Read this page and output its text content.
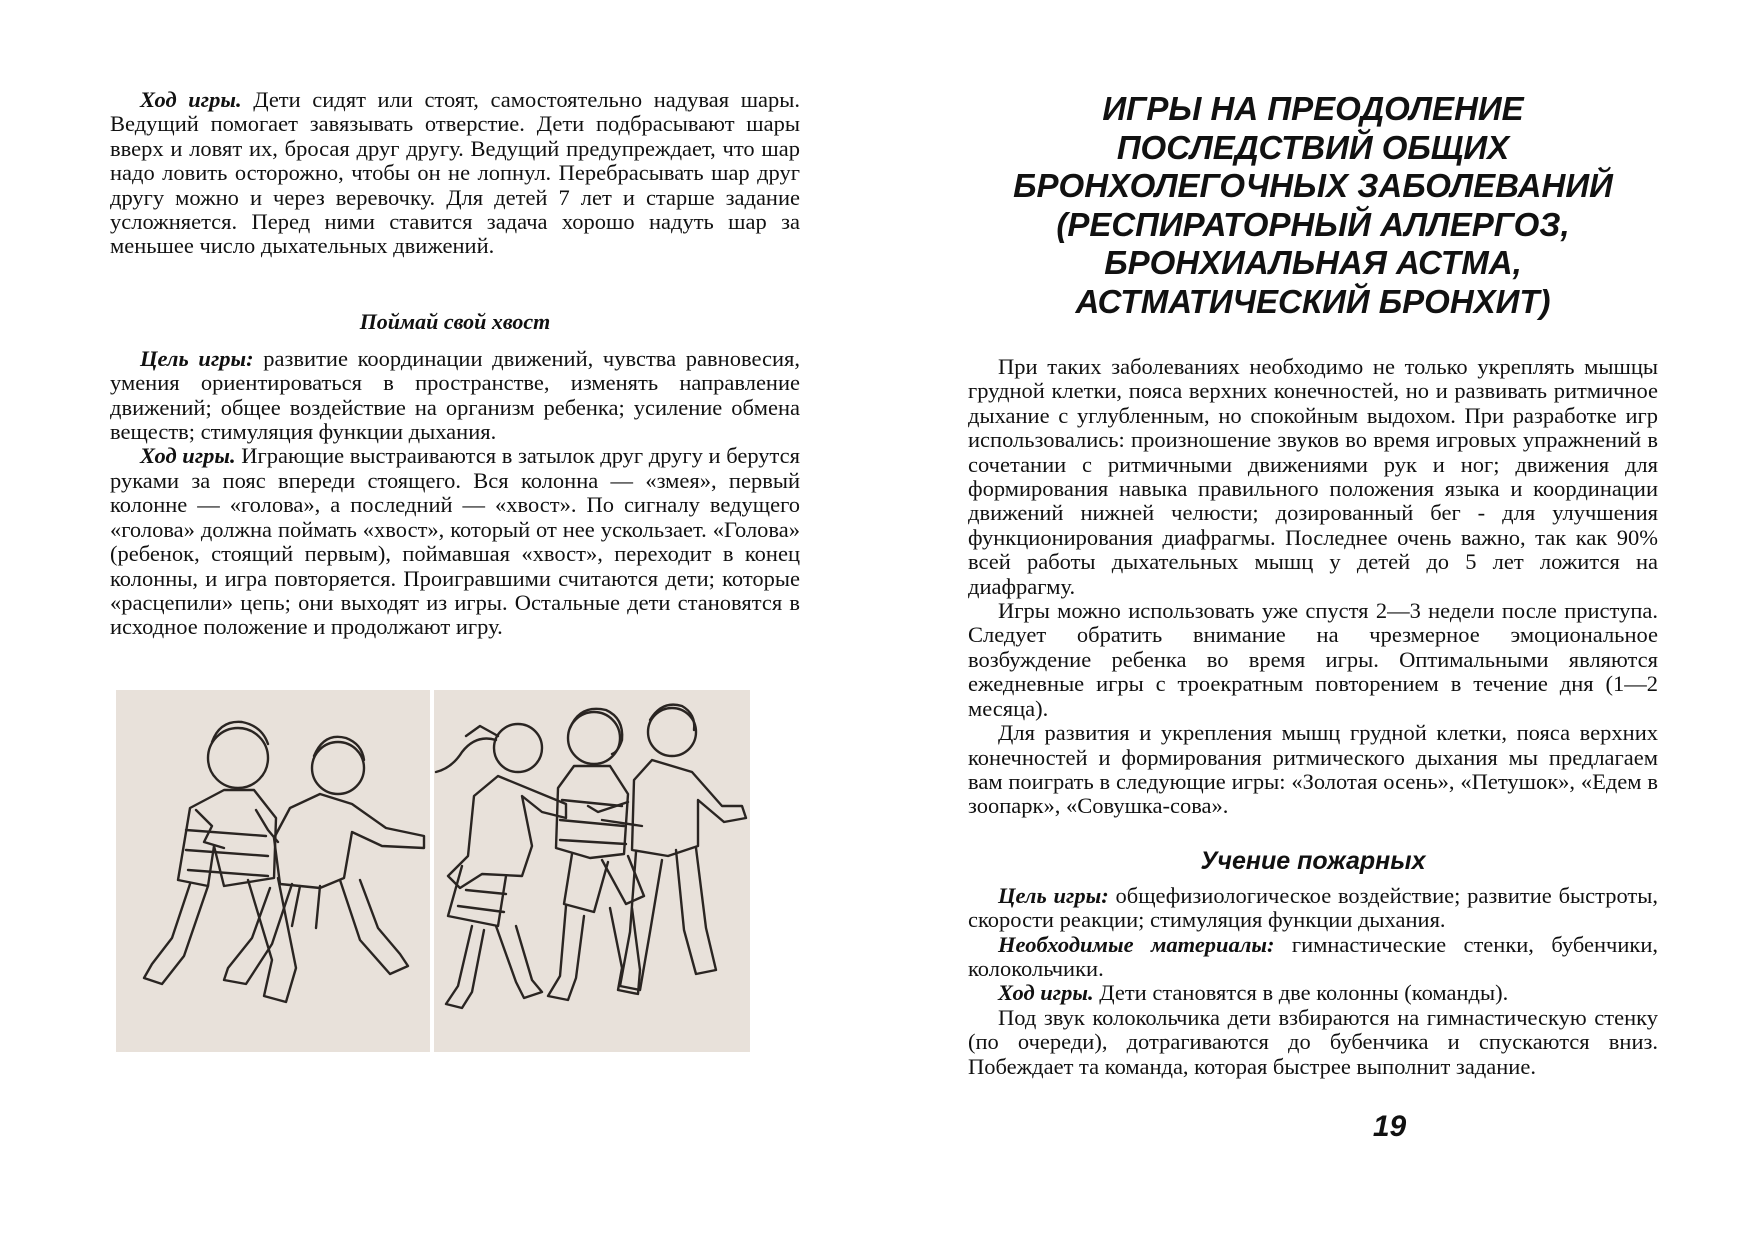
Ход игры. Дети сидят или стоят, самостоятельно надувая шары. Ведущий помогает завязывать отверстие. Дети подбрасывают шары вверх и ловят их, бросая друг другу. Ведущий предупреждает, что шар надо ловить осторожно, чтобы он не лопнул. Перебрасывать шар друг другу можно и через веревочку. Для детей 7 лет и старше задание усложняется. Перед ними ставится задача хорошо надуть шар за меньшее число дыхательных движений.

Поймай свой хвост

Цель игры: развитие координации движений, чувства равновесия, умения ориентироваться в пространстве, изменять направление движений; общее воздействие на организм ребенка; усиление обмена веществ; стимуляция функции дыхания.

Ход игры. Играющие выстраиваются в затылок друг другу и берутся руками за пояс впереди стоящего. Вся колонна — «змея», первый колонне — «голова», а последний — «хвост». По сигналу ведущего «голова» должна поймать «хвост», который от нее ускользает. «Голова» (ребенок, стоящий первым), поймавшая «хвост», переходит в конец колонны, и игра повторяется. Проигравшими считаются дети; которые «расцепили» цепь; они выходят из игры. Остальные дети становятся в исходное положение и продолжают игру.

ИГРЫ НА ПРЕОДОЛЕНИЕ
ПОСЛЕДСТВИЙ ОБЩИХ
БРОНХОЛЕГОЧНЫХ ЗАБОЛЕВАНИЙ
(РЕСПИРАТОРНЫЙ АЛЛЕРГОЗ,
БРОНХИАЛЬНАЯ АСТМА,
АСТМАТИЧЕСКИЙ БРОНХИТ)

При таких заболеваниях необходимо не только укреплять мышцы грудной клетки, пояса верхних конечностей, но и развивать ритмичное дыхание с углубленным, но спокойным выдохом. При разработке игр использовались: произношение звуков во время игровых упражнений в сочетании с ритмичными движениями рук и ног; движения для формирования навыка правильного положения языка и координации движений нижней челюсти; дозированный бег - для улучшения функционирования диафрагмы. Последнее очень важно, так как 90% всей работы дыхательных мышц у детей до 5 лет ложится на диафрагму.

Игры можно использовать уже спустя 2—3 недели после приступа. Следует обратить внимание на чрезмерное эмоциональное возбуждение ребенка во время игры. Оптимальными являются ежедневные игры с троекратным повторением в течение дня (1—2 месяца).

Для развития и укрепления мышц грудной клетки, пояса верхних конечностей и формирования ритмического дыхания мы предлагаем вам поиграть в следующие игры: «Золотая осень», «Петушок», «Едем в зоопарк», «Совушка-сова».

Учение пожарных

Цель игры: общефизиологическое воздействие; развитие быстроты, скорости реакции; стимуляция функции дыхания.

Необходимые материалы: гимнастические стенки, бубенчики, колокольчики.

Ход игры. Дети становятся в две колонны (команды).

Под звук колокольчика дети взбираются на гимнастическую стенку (по очереди), дотрагиваются до бубенчика и спускаются вниз. Побеждает та команда, которая быстрее выполнит задание.

19
